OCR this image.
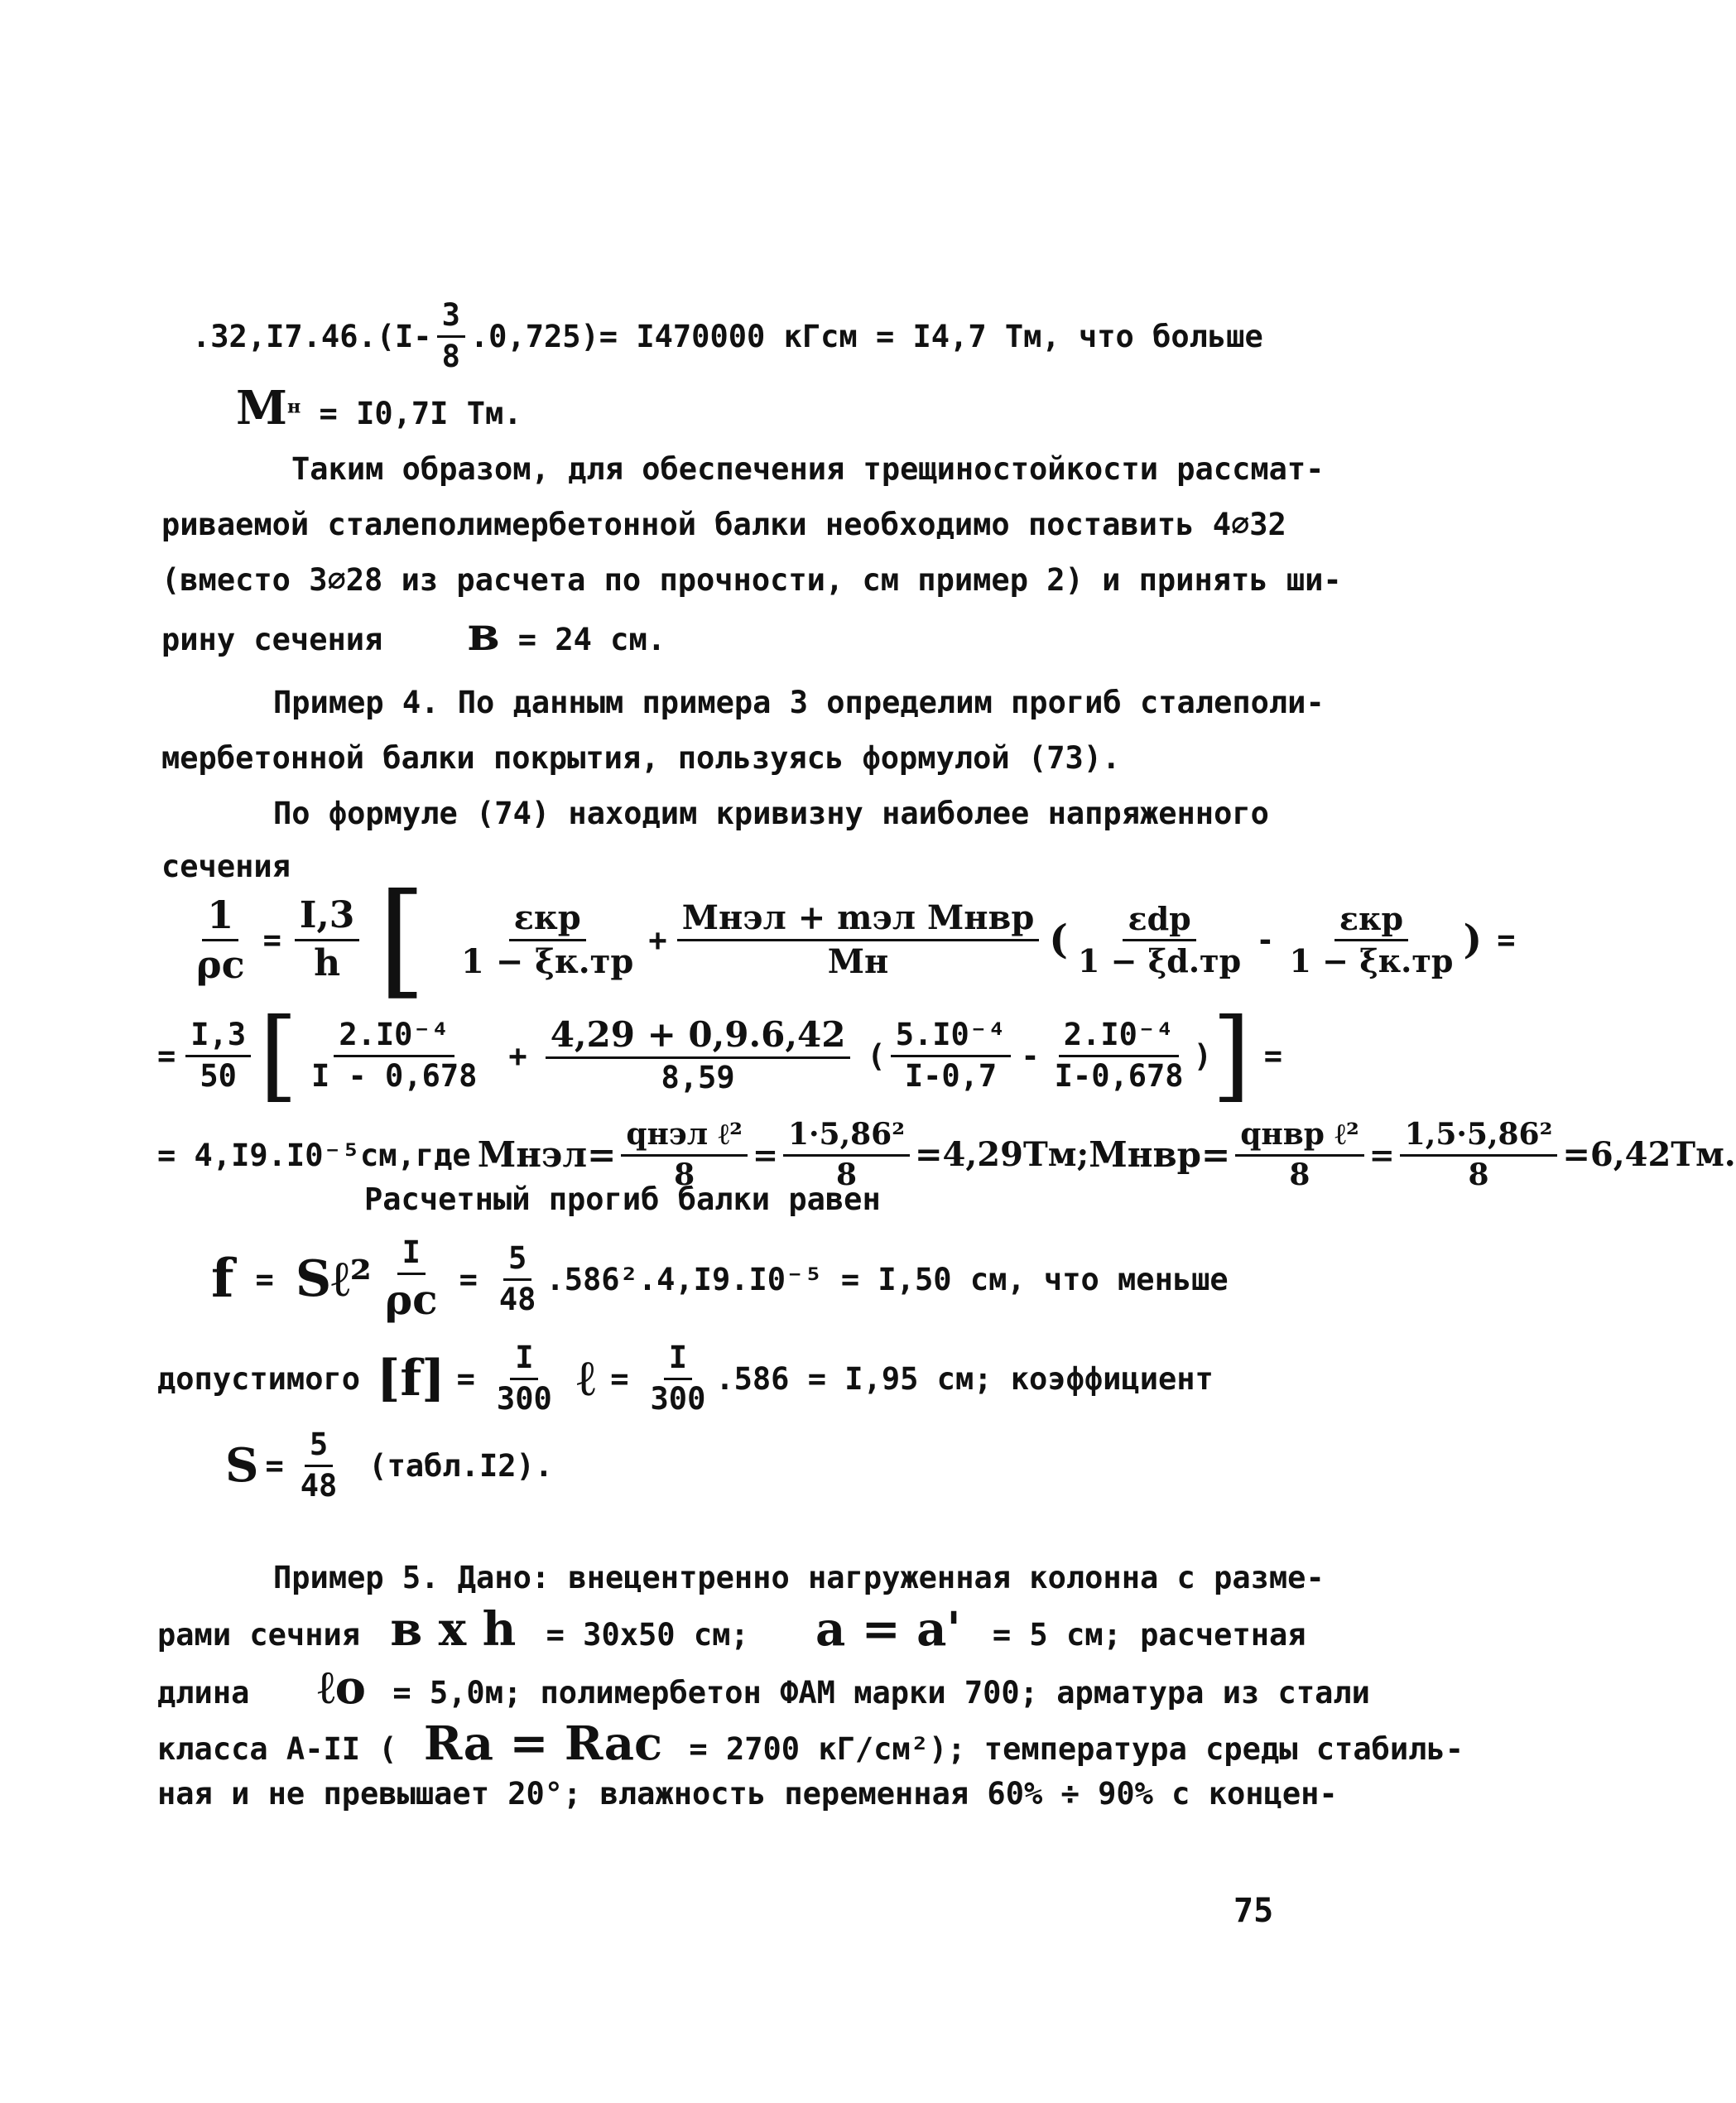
$.32,I7.46.(I- \frac{3}{8} .0,725)= I470000$ кГсм = I4,7 Тм, что больше
$М^н = I0,7I$ Тм.
Таким образом, для обеспечения трещиностойкости рассмат-
риваемой сталеполимербетонной балки необходимо поставить 4⌀32
(вместо 3⌀28 из расчета по прочности, см пример 2) и принять ши-
рину сечения в = 24 см.
Пример 4. По данным примера 3 определим прогиб сталеполи-
мербетонной балки покрытия, пользуясь формулой (73).
По формуле (74) находим кривизну наиболее напряженного
сечения
$\frac{1}{\rho c} = \frac{I,3}{h}$ [ $\frac{\text{εкр}}{1 - \xi к.тр} + \frac{\text{Мнэл + mэл Мнвр}}{Мн}$ ( $\frac{\text{εdр}}{1 - \xi d.тр} - \frac{\text{εкр}}{1 - \xi к.тр}$ ) =
= $\frac{I,3}{50}$ [ $\frac{\text{2.I0⁻⁴}}{I - 0,678} + \frac{4,29 + 0,9.6,42}{8,59}$ ( $\frac{\text{5.I0⁻⁴}}{I-0,7} - \frac{\text{2.I0⁻⁴}}{I-0,678}$ ) ] =
= 4,I9.I0⁻⁵см,где Мнэл= $\frac{\text{qнэл ℓ²}}{8} = \frac{\text{1·5,86²}}{8} =4,29Тм$; Мнвр= $\frac{\text{qнвр ℓ²}}{8} = \frac{\text{1,5·5,86²}}{8} =6,42Тм$.
Расчетный прогиб балки равен
f = Sℓ² $\frac{I}{\rho c} = \frac{5}{48} .586^2.4,I9.I0^{-5} = I,50$ см, что меньше
допустимого $[f] = \frac{I}{300}$ ℓ = $\frac{I}{300} .586 = I,95$ см; коэффициент
$S = \frac{5}{48}$ (табл.I2).
Пример 5. Дано: внецентренно нагруженная колонна с разме-
рами сечния в x h = 30x50 см; a = a' = 5 см; расчетная
длина ℓo = 5,0м; полимербетон ФАМ марки 700; арматура из стали
класса А-II ( Ra = Rac = 2700 кГ/см²); температура среды стабиль-
ная и не превышает 20°; влажность переменная 60% ÷ 90% с концен-
75
